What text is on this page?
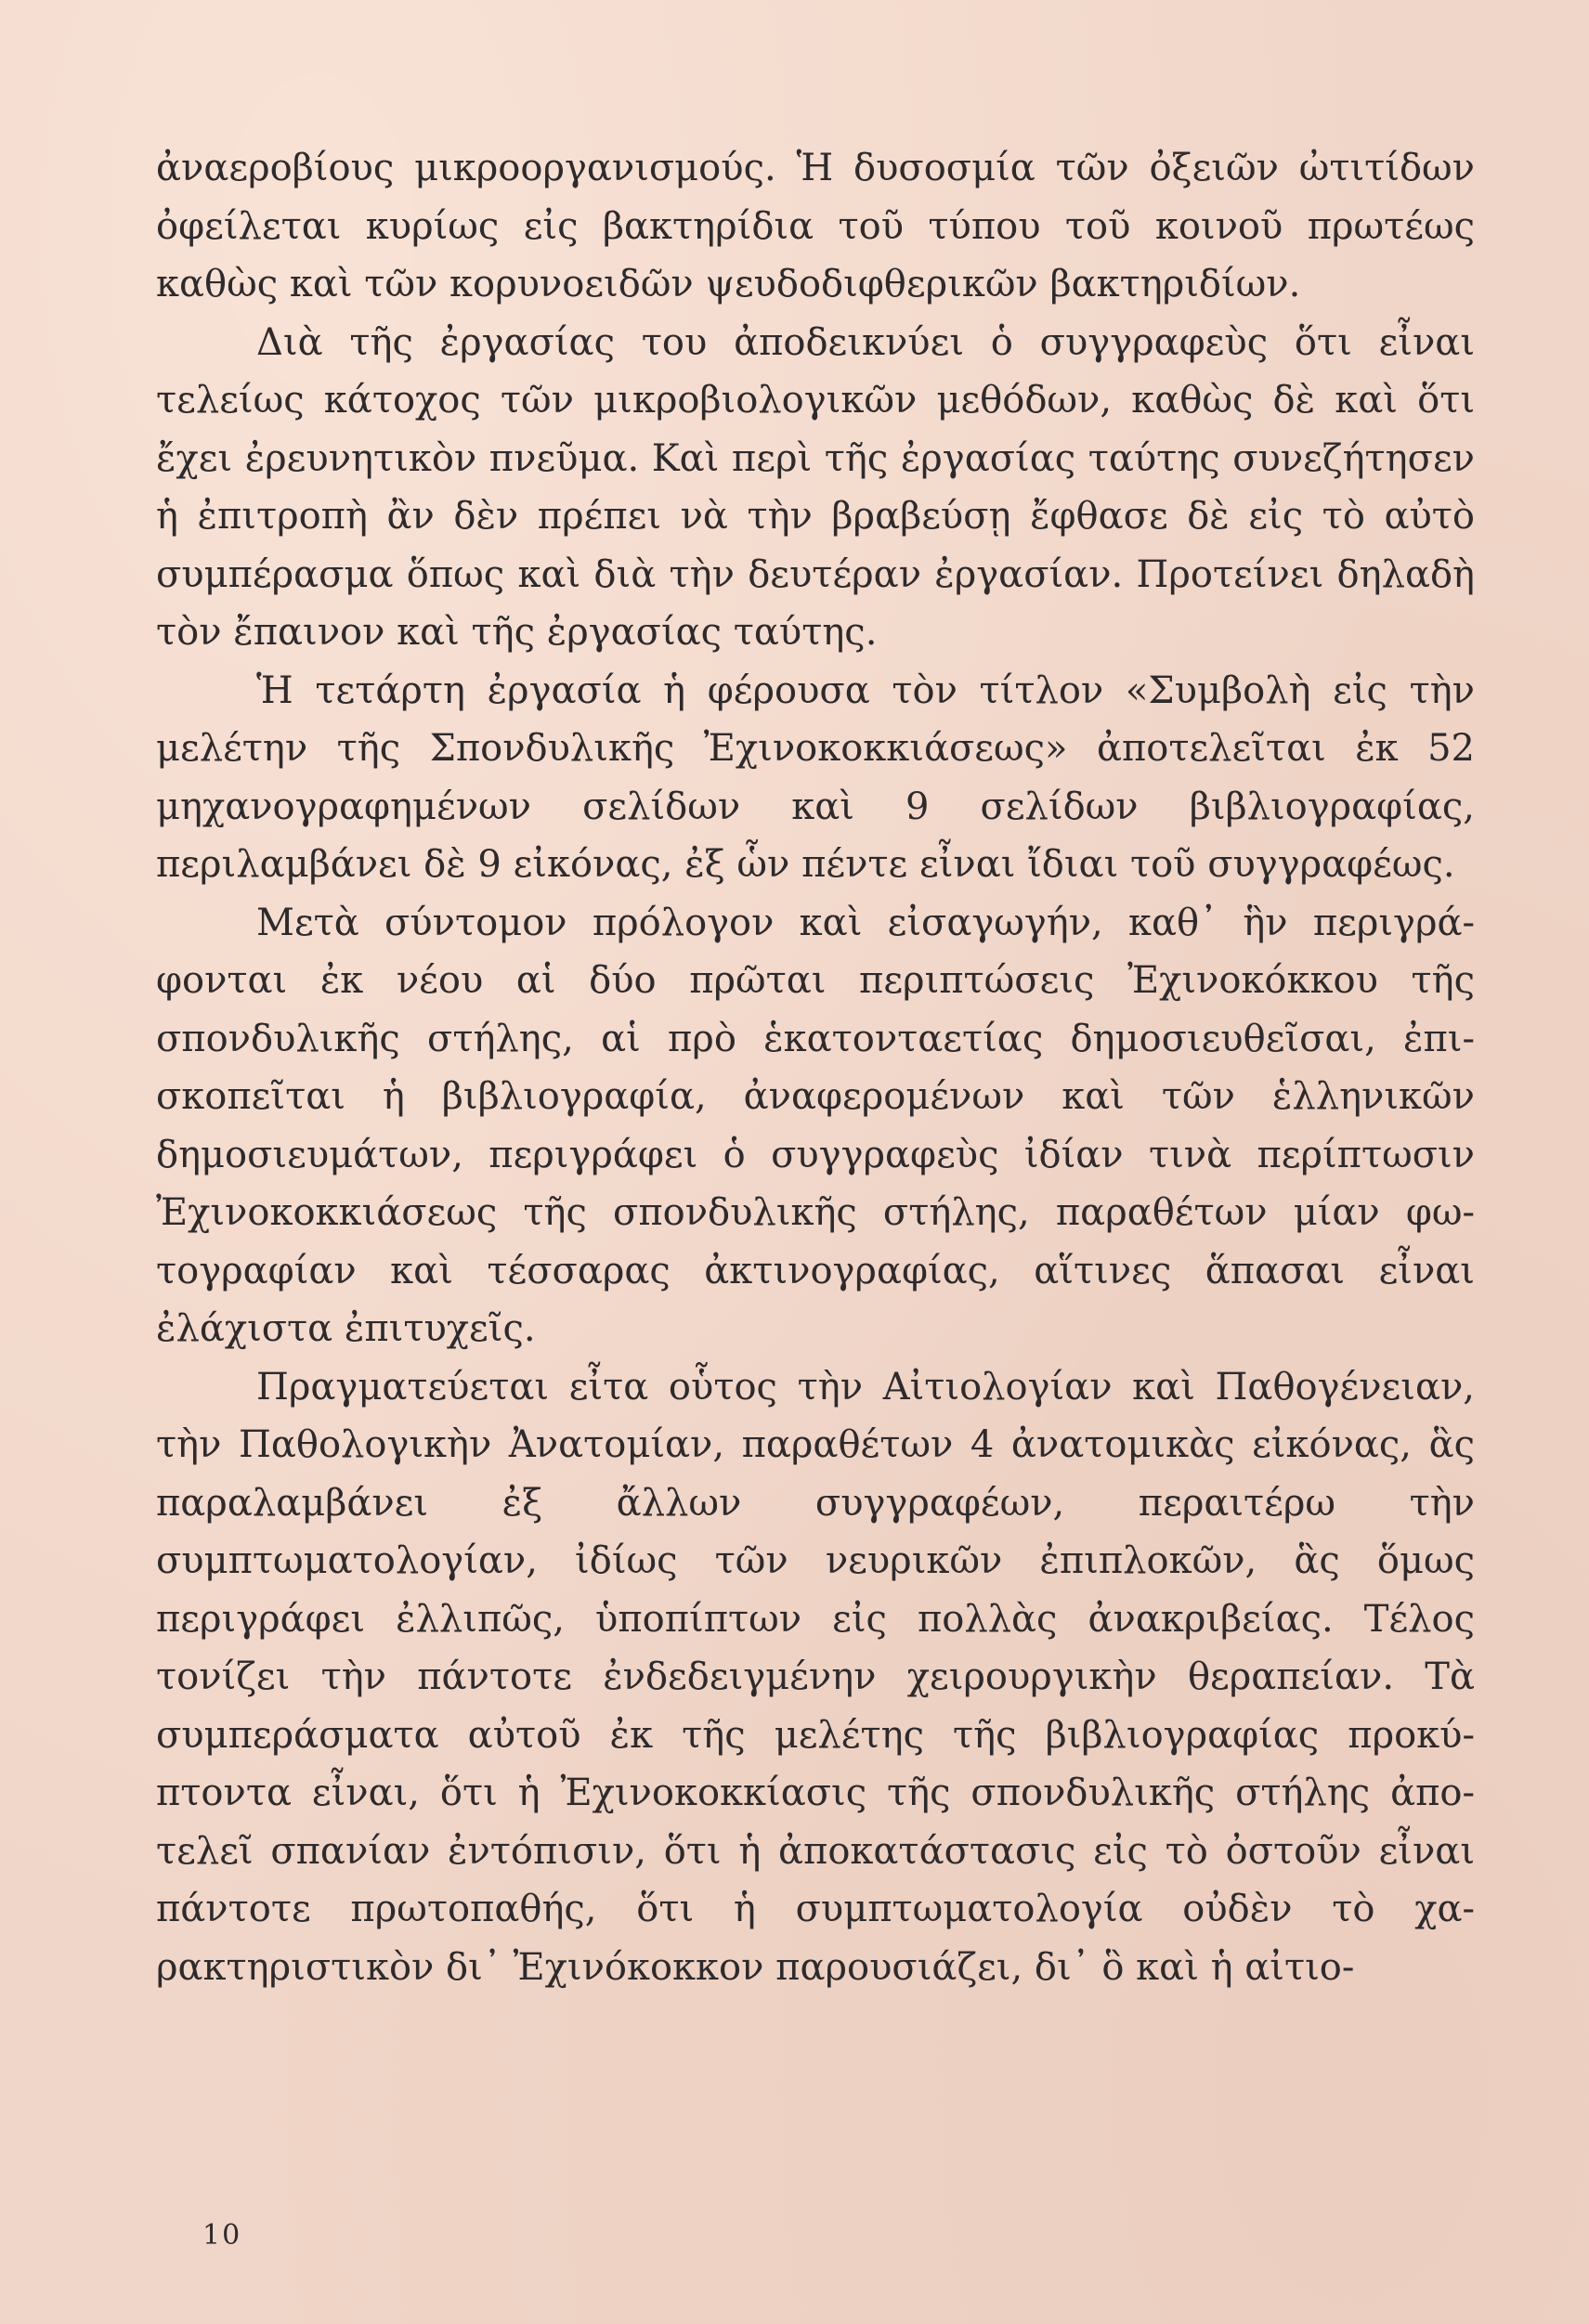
ἀναεροβίους μικροοργανισμούς. Ἡ δυσοσμία τῶν ὀξειῶν ὠτιτίδων ὀφείλεται κυρίως εἰς βακτηρίδια τοῦ τύπου τοῦ κοινοῦ πρωτέως καθὼς καὶ τῶν κορυνοειδῶν ψευδοδιφθερικῶν βακτηριδίων.

Διὰ τῆς ἐργασίας του ἀποδεικνύει ὁ συγγραφεὺς ὅτι εἶναι τελείως κάτοχος τῶν μικροβιολογικῶν μεθόδων, καθὼς δὲ καὶ ὅτι ἔχει ἐρευνητικὸν πνεῦμα. Καὶ περὶ τῆς ἐργασίας ταύτης συνεζήτησεν ἡ ἐπιτροπὴ ἂν δὲν πρέπει νὰ τὴν βραβεύσῃ ἔφθασε δὲ εἰς τὸ αὐτὸ συμπέρασμα ὅπως καὶ διὰ τὴν δευτέραν ἐργασίαν. Προτείνει δηλαδὴ τὸν ἔπαινον καὶ τῆς ἐργασίας ταύτης.

Ἡ τετάρτη ἐργασία ἡ φέρουσα τὸν τίτλον «Συμβολὴ εἰς τὴν μελέτην τῆς Σπονδυλικῆς Ἐχινοκοκκιάσεως» ἀποτελεῖται ἐκ 52 μηχανογραφημένων σελίδων καὶ 9 σελίδων βιβλιογραφίας, περιλαμβάνει δὲ 9 εἰκόνας, ἐξ ὧν πέντε εἶναι ἴδιαι τοῦ συγγραφέως.

Μετὰ σύντομον πρόλογον καὶ εἰσαγωγήν, καθ᾿ ἣν περιγράφονται ἐκ νέου αἱ δύο πρῶται περιπτώσεις Ἐχινοκόκκου τῆς σπονδυλικῆς στήλης, αἱ πρὸ ἑκατονταετίας δημοσιευθεῖσαι, ἐπισκοπεῖται ἡ βιβλιογραφία, ἀναφερομένων καὶ τῶν ἑλληνικῶν δημοσιευμάτων, περιγράφει ὁ συγγραφεὺς ἰδίαν τινὰ περίπτωσιν Ἐχινοκοκκιάσεως τῆς σπονδυλικῆς στήλης, παραθέτων μίαν φωτογραφίαν καὶ τέσσαρας ἀκτινογραφίας, αἵτινες ἅπασαι εἶναι ἐλάχιστα ἐπιτυχεῖς.

Πραγματεύεται εἶτα οὗτος τὴν Αἰτιολογίαν καὶ Παθογένειαν, τὴν Παθολογικὴν Ἀνατομίαν, παραθέτων 4 ἀνατομικὰς εἰκόνας, ἃς παραλαμβάνει ἐξ ἄλλων συγγραφέων, περαιτέρω τὴν συμπτωματολογίαν, ἰδίως τῶν νευρικῶν ἐπιπλοκῶν, ἃς ὅμως περιγράφει ἐλλιπῶς, ὑποπίπτων εἰς πολλὰς ἀνακριβείας. Τέλος τονίζει τὴν πάντοτε ἐνδεδειγμένην χειρουργικὴν θεραπείαν. Τὰ συμπεράσματα αὐτοῦ ἐκ τῆς μελέτης τῆς βιβλιογραφίας προκύπτοντα εἶναι, ὅτι ἡ Ἐχινοκοκκίασις τῆς σπονδυλικῆς στήλης ἀποτελεῖ σπανίαν ἐντόπισιν, ὅτι ἡ ἀποκατάστασις εἰς τὸ ὀστοῦν εἶναι πάντοτε πρωτοπαθής, ὅτι ἡ συμπτωματολογία οὐδὲν τὸ χαρακτηριστικὸν δι᾿ Ἐχινόκοκκον παρουσιάζει, δι᾿ ὃ καὶ ἡ αἰτιο-

10
